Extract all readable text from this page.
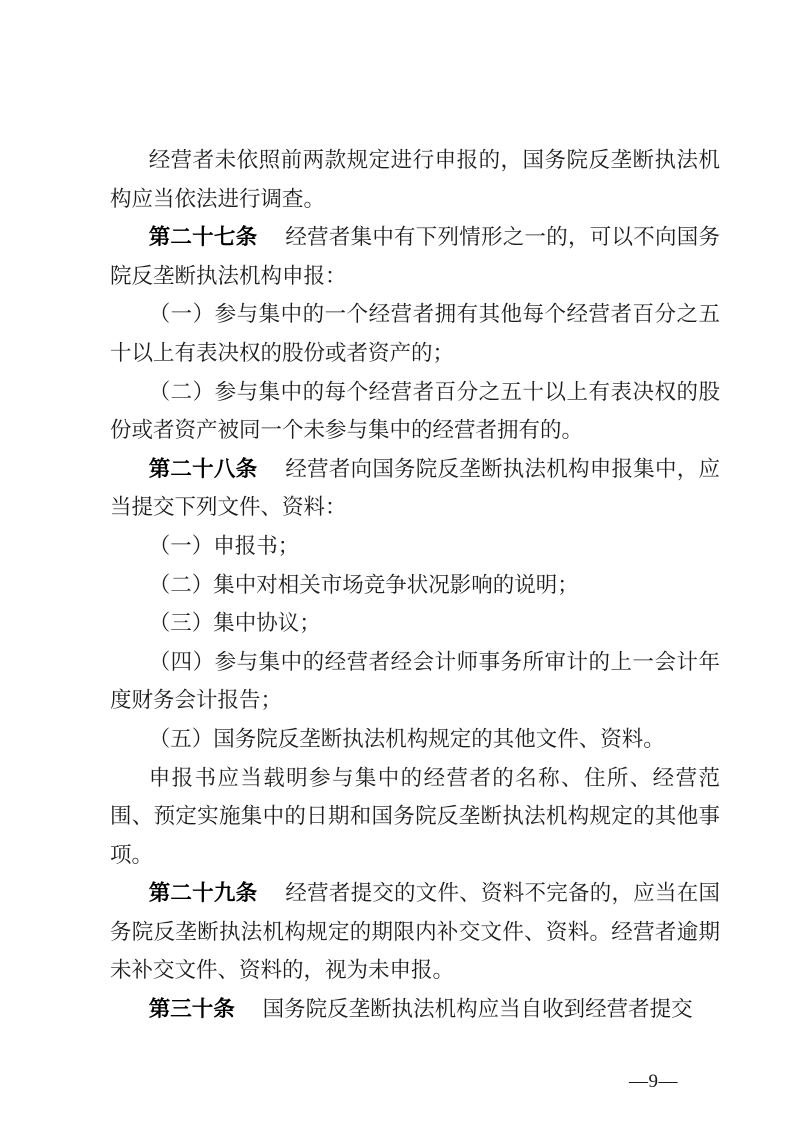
经营者未依照前两款规定进行申报的，国务院反垄断执法机构应当依法进行调查。

第二十七条 经营者集中有下列情形之一的，可以不向国务院反垄断执法机构申报：

（一）参与集中的一个经营者拥有其他每个经营者百分之五十以上有表决权的股份或者资产的；

（二）参与集中的每个经营者百分之五十以上有表决权的股份或者资产被同一个未参与集中的经营者拥有的。

第二十八条 经营者向国务院反垄断执法机构申报集中，应当提交下列文件、资料：

（一）申报书；

（二）集中对相关市场竞争状况影响的说明；

（三）集中协议；

（四）参与集中的经营者经会计师事务所审计的上一会计年度财务会计报告；

（五）国务院反垄断执法机构规定的其他文件、资料。

申报书应当载明参与集中的经营者的名称、住所、经营范围、预定实施集中的日期和国务院反垄断执法机构规定的其他事项。

第二十九条 经营者提交的文件、资料不完备的，应当在国务院反垄断执法机构规定的期限内补交文件、资料。经营者逾期未补交文件、资料的，视为未申报。

第三十条 国务院反垄断执法机构应当自收到经营者提交

—9—
